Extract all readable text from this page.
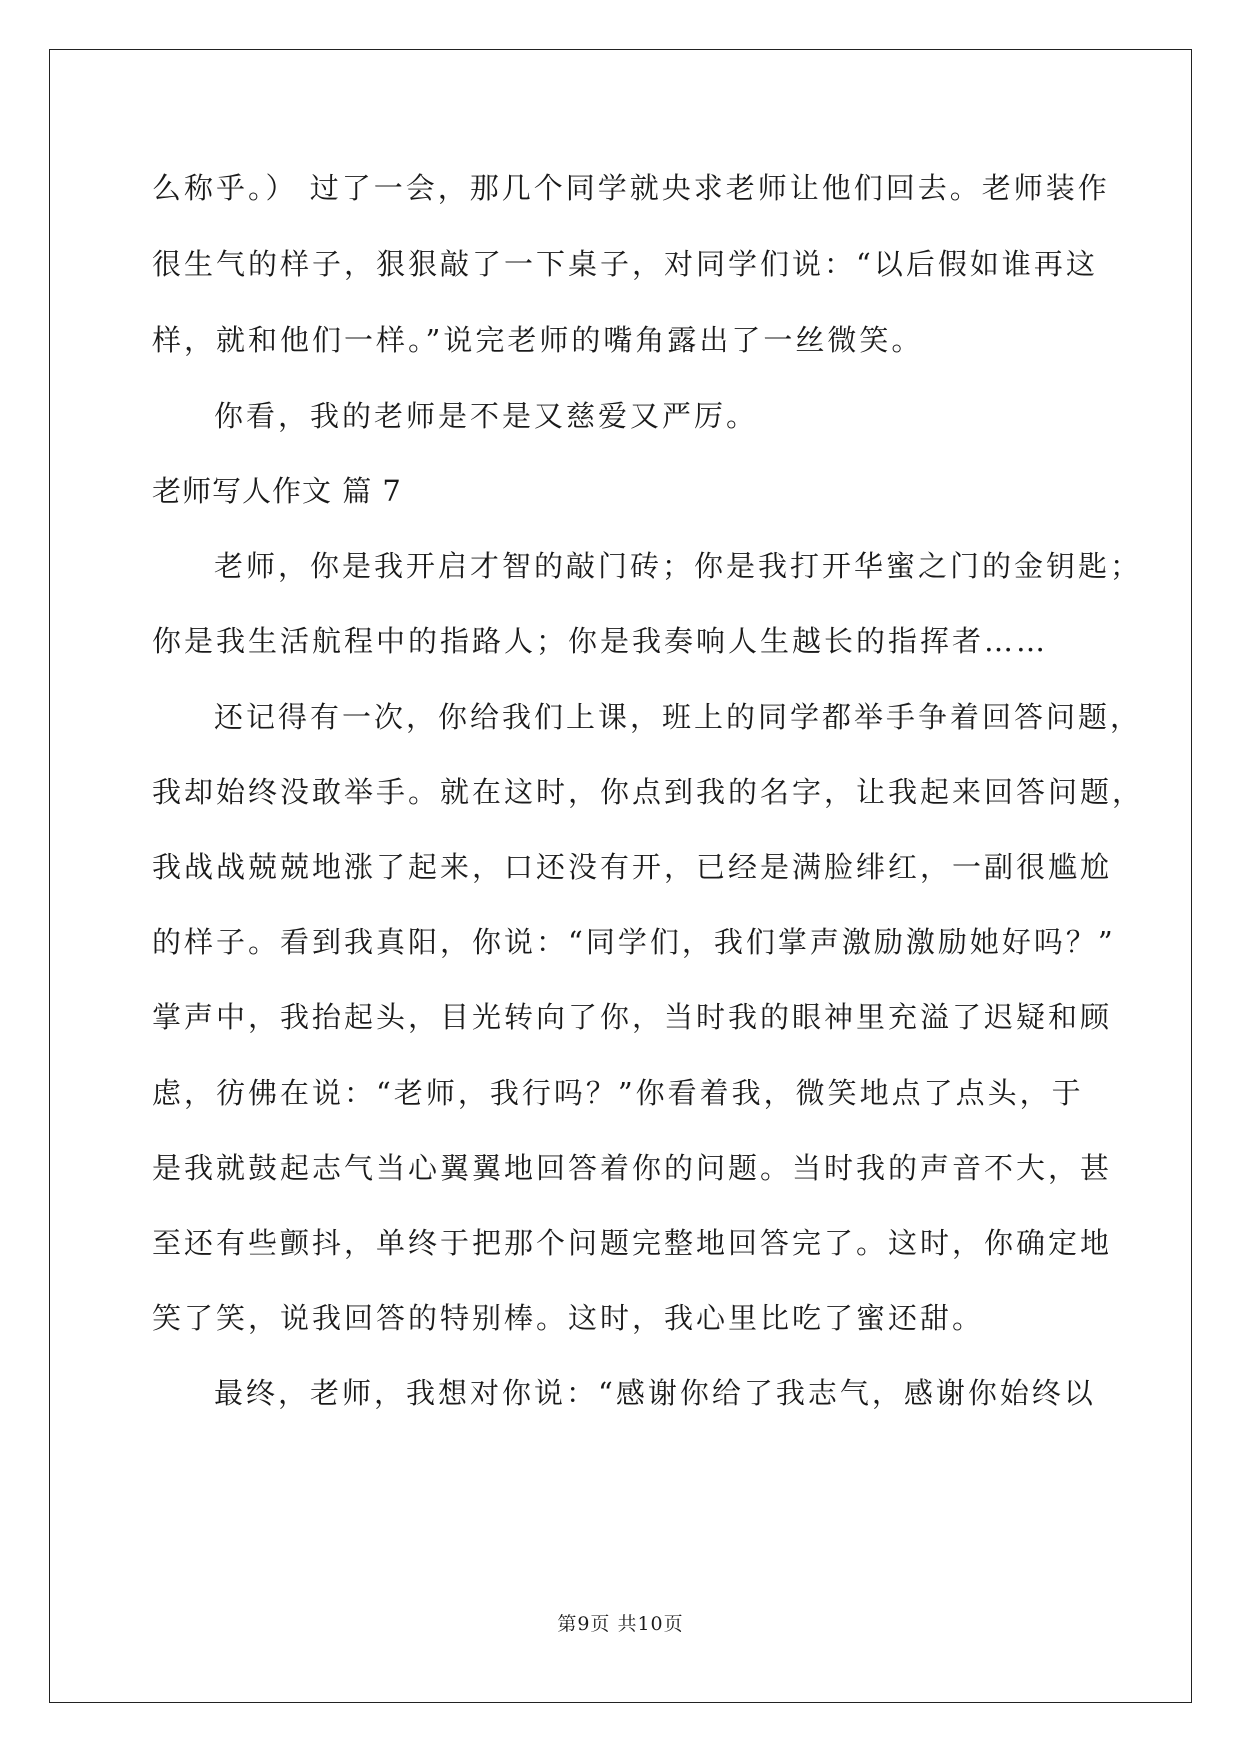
么称乎。） 过了一会，那几个同学就央求老师让他们回去。老师装作
很生气的样子，狠狠敲了一下桌子，对同学们说：“以后假如谁再这
样，就和他们一样。”说完老师的嘴角露出了一丝微笑。
你看，我的老师是不是又慈爱又严厉。
老师写人作文 篇 7
老师，你是我开启才智的敲门砖；你是我打开华蜜之门的金钥匙；
你是我生活航程中的指路人；你是我奏响人生越长的指挥者……
还记得有一次，你给我们上课，班上的同学都举手争着回答问题，
我却始终没敢举手。就在这时，你点到我的名字，让我起来回答问题，
我战战兢兢地涨了起来，口还没有开，已经是满脸绯红，一副很尴尬
的样子。看到我真阳，你说：“同学们，我们掌声激励激励她好吗？”
掌声中，我抬起头，目光转向了你，当时我的眼神里充溢了迟疑和顾
虑，彷佛在说：“老师，我行吗？”你看着我，微笑地点了点头，于
是我就鼓起志气当心翼翼地回答着你的问题。当时我的声音不大，甚
至还有些颤抖，单终于把那个问题完整地回答完了。这时，你确定地
笑了笑，说我回答的特别棒。这时，我心里比吃了蜜还甜。
最终，老师，我想对你说：“感谢你给了我志气，感谢你始终以
第9页 共10页
